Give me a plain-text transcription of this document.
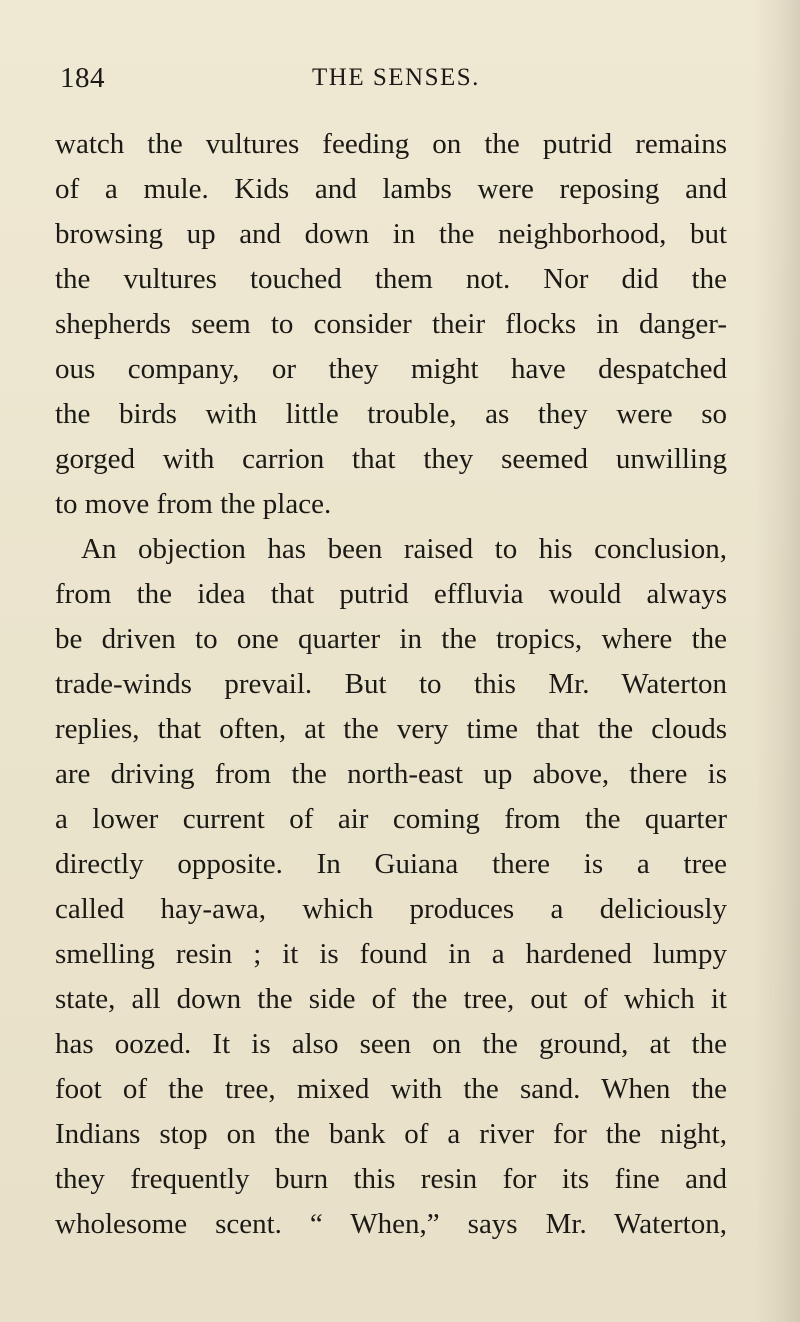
184	THE SENSES.
watch the vultures feeding on the putrid remains
of a mule. Kids and lambs were reposing and
browsing up and down in the neighborhood, but
the vultures touched them not. Nor did the
shepherds seem to consider their flocks in danger-
ous company, or they might have despatched
the birds with little trouble, as they were so
gorged with carrion that they seemed unwilling
to move from the place.
An objection has been raised to his conclusion,
from the idea that putrid effluvia would always
be driven to one quarter in the tropics, where the
trade-winds prevail. But to this Mr. Waterton
replies, that often, at the very time that the clouds
are driving from the north-east up above, there is
a lower current of air coming from the quarter
directly opposite. In Guiana there is a tree
called hay-awa, which produces a deliciously
smelling resin ; it is found in a hardened lumpy
state, all down the side of the tree, out of which it
has oozed. It is also seen on the ground, at the
foot of the tree, mixed with the sand. When the
Indians stop on the bank of a river for the night,
they frequently burn this resin for its fine and
wholesome scent. “ When,” says Mr. Waterton,
